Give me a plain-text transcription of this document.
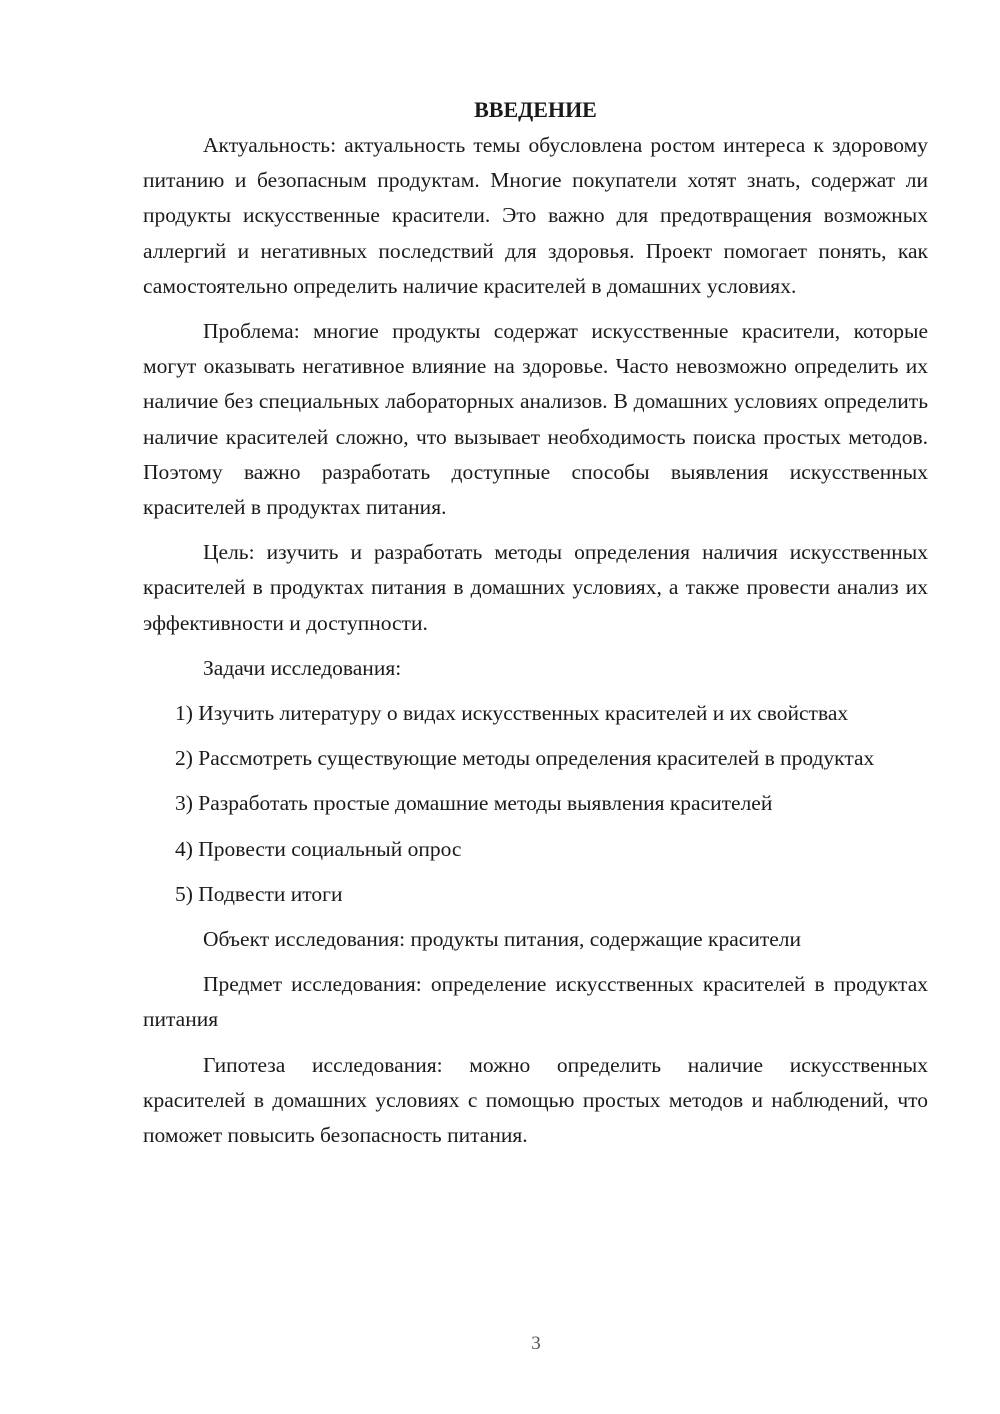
ВВЕДЕНИЕ

Актуальность: актуальность темы обусловлена ростом интереса к здоровому питанию и безопасным продуктам. Многие покупатели хотят знать, содержат ли продукты искусственные красители. Это важно для предотвращения возможных аллергий и негативных последствий для здоровья. Проект помогает понять, как самостоятельно определить наличие красителей в домашних условиях.

Проблема: многие продукты содержат искусственные красители, которые могут оказывать негативное влияние на здоровье. Часто невозможно определить их наличие без специальных лабораторных анализов. В домашних условиях определить наличие красителей сложно, что вызывает необходимость поиска простых методов. Поэтому важно разработать доступные способы выявления искусственных красителей в продуктах питания.

Цель: изучить и разработать методы определения наличия искусственных красителей в продуктах питания в домашних условиях, а также провести анализ их эффективности и доступности.

Задачи исследования:

1) Изучить литературу о видах искусственных красителей и их свойствах

2) Рассмотреть существующие методы определения красителей в продуктах

3) Разработать простые домашние методы выявления красителей

4) Провести социальный опрос

5) Подвести итоги

Объект исследования: продукты питания, содержащие красители

Предмет исследования: определение искусственных красителей в продуктах питания

Гипотеза исследования: можно определить наличие искусственных красителей в домашних условиях с помощью простых методов и наблюдений, что поможет повысить безопасность питания.

3
